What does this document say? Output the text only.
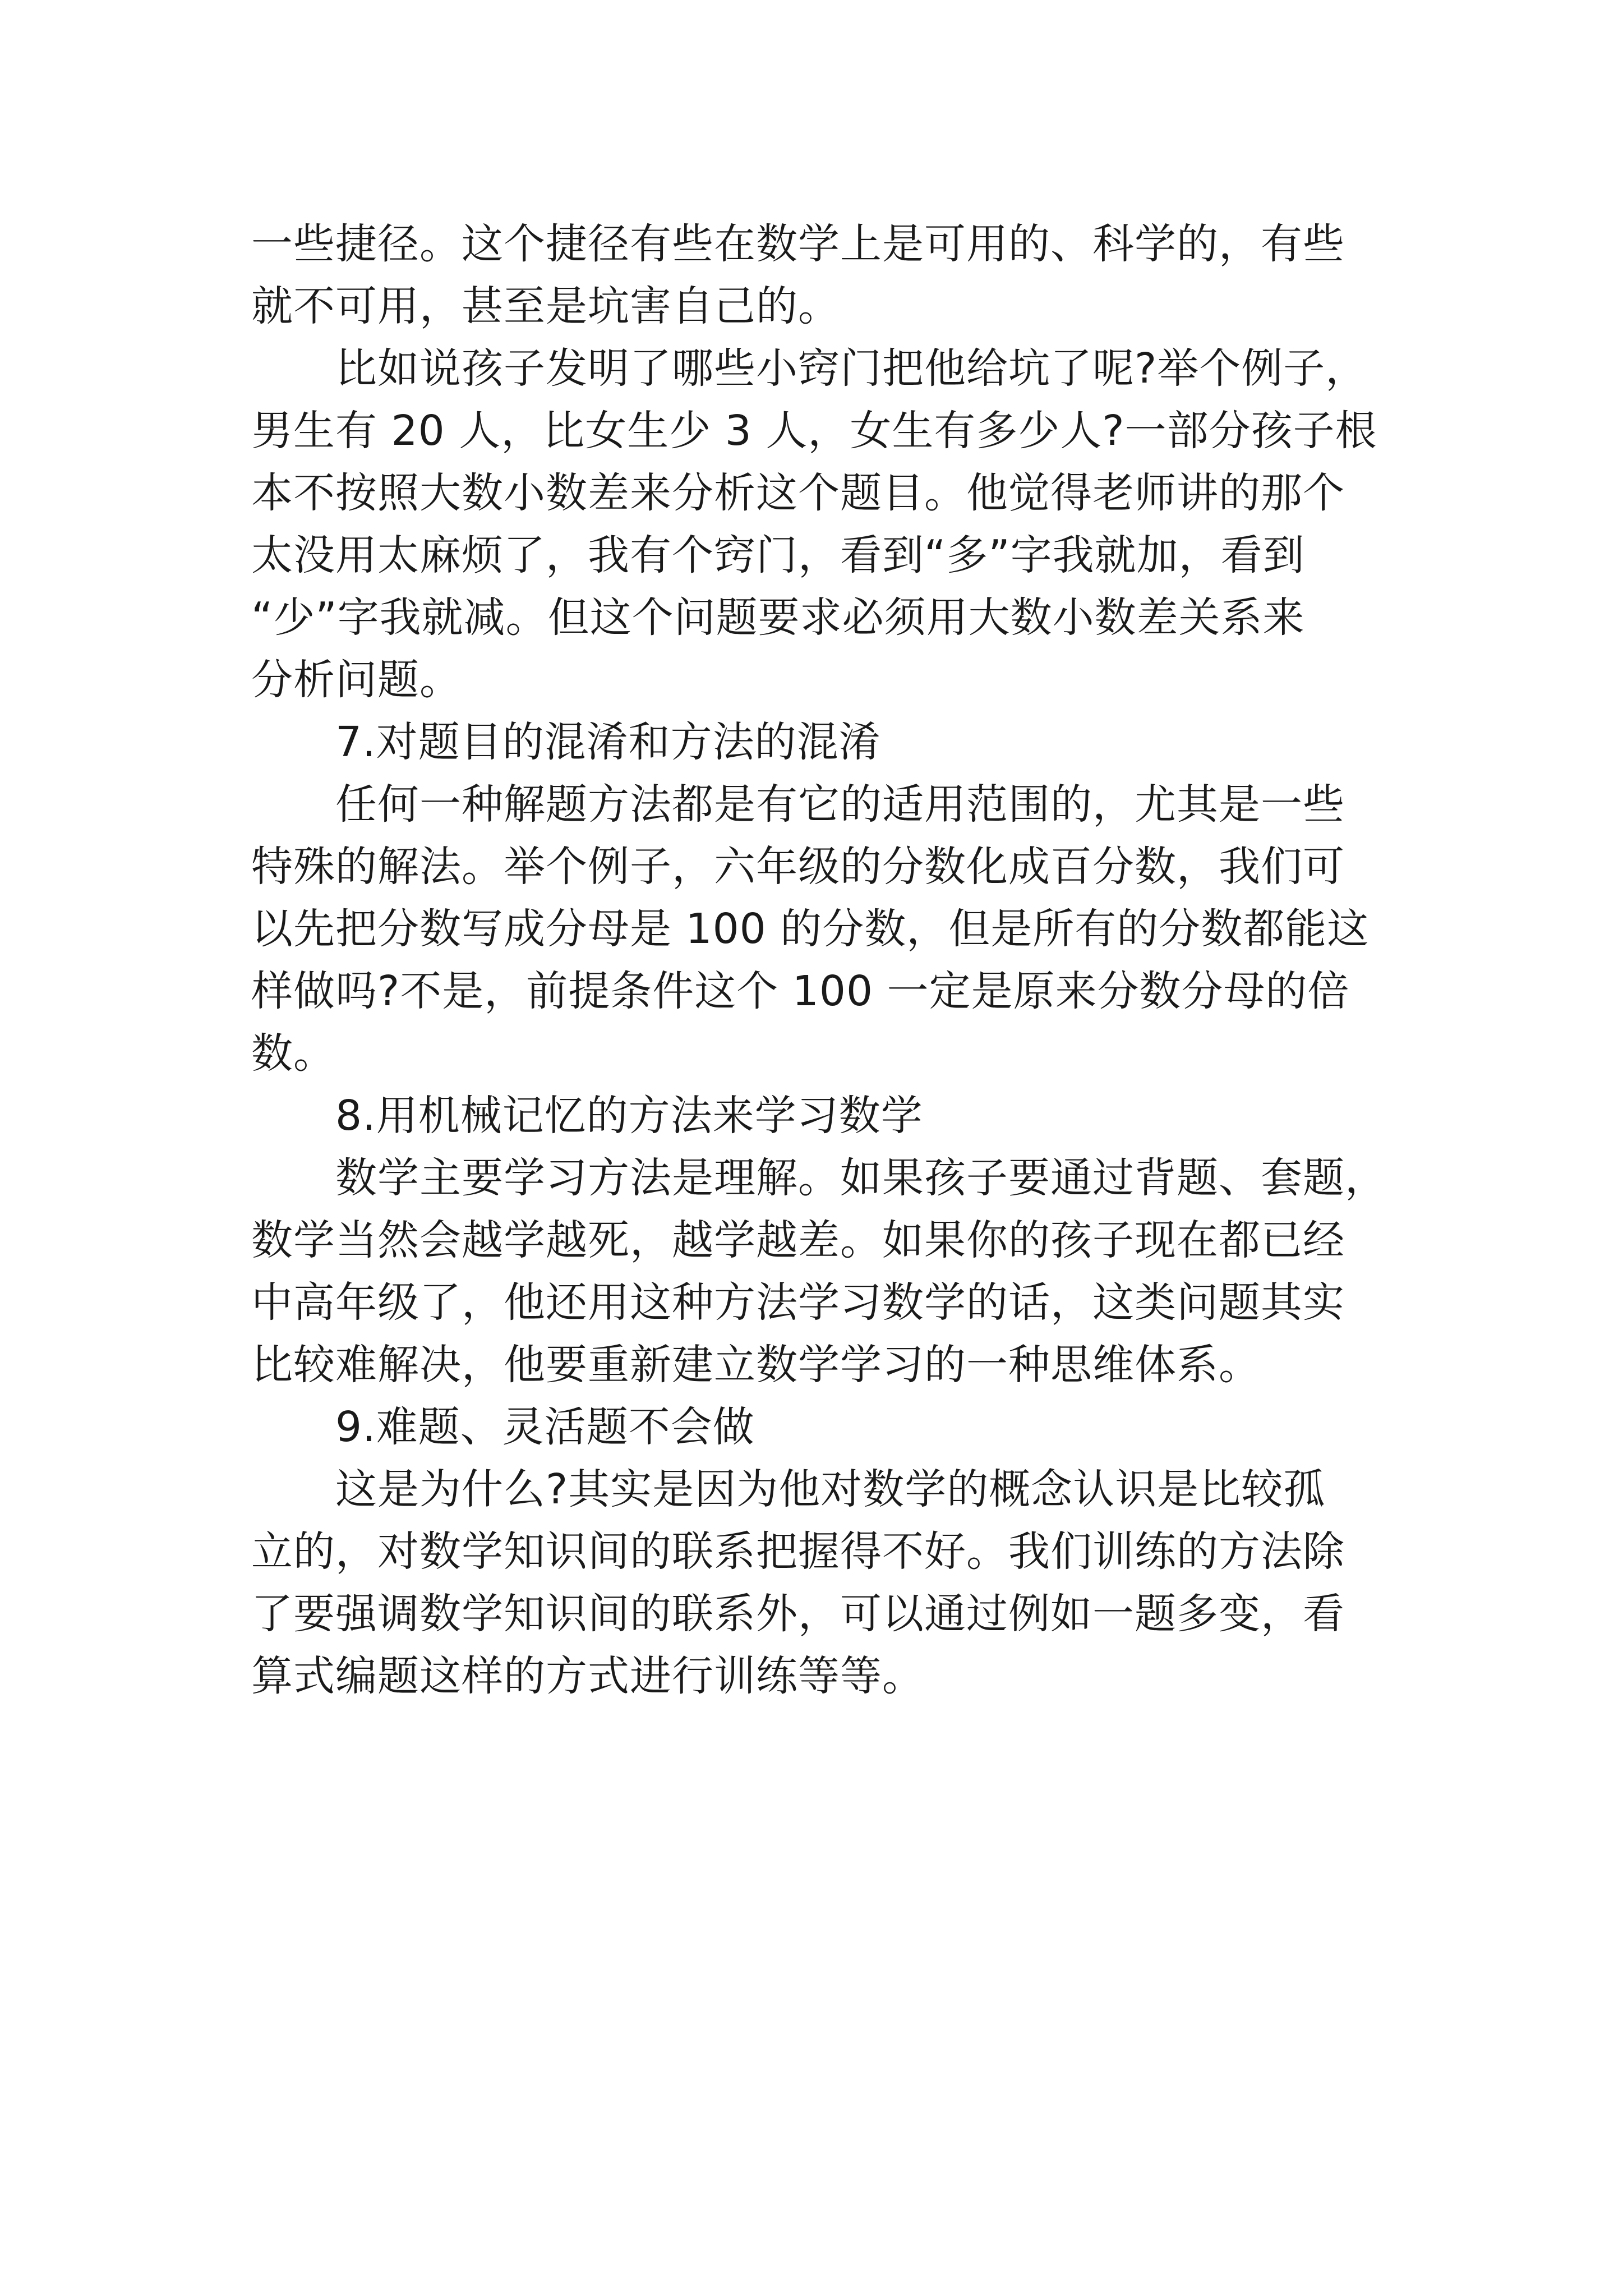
一些捷径。这个捷径有些在数学上是可用的、科学的，有些
就不可用，甚至是坑害自己的。
比如说孩子发明了哪些小窍门把他给坑了呢?举个例子，
男生有 20 人，比女生少 3 人，女生有多少人?一部分孩子根
本不按照大数小数差来分析这个题目。他觉得老师讲的那个
太没用太麻烦了，我有个窍门，看到“多”字我就加，看到
“少”字我就减。但这个问题要求必须用大数小数差关系来
分析问题。
7.对题目的混淆和方法的混淆
任何一种解题方法都是有它的适用范围的，尤其是一些
特殊的解法。举个例子，六年级的分数化成百分数，我们可
以先把分数写成分母是 100 的分数，但是所有的分数都能这
样做吗?不是，前提条件这个 100 一定是原来分数分母的倍
数。
8.用机械记忆的方法来学习数学
数学主要学习方法是理解。如果孩子要通过背题、套题，
数学当然会越学越死，越学越差。如果你的孩子现在都已经
中高年级了，他还用这种方法学习数学的话，这类问题其实
比较难解决，他要重新建立数学学习的一种思维体系。
9.难题、灵活题不会做
这是为什么?其实是因为他对数学的概念认识是比较孤
立的，对数学知识间的联系把握得不好。我们训练的方法除
了要强调数学知识间的联系外，可以通过例如一题多变，看
算式编题这样的方式进行训练等等。
